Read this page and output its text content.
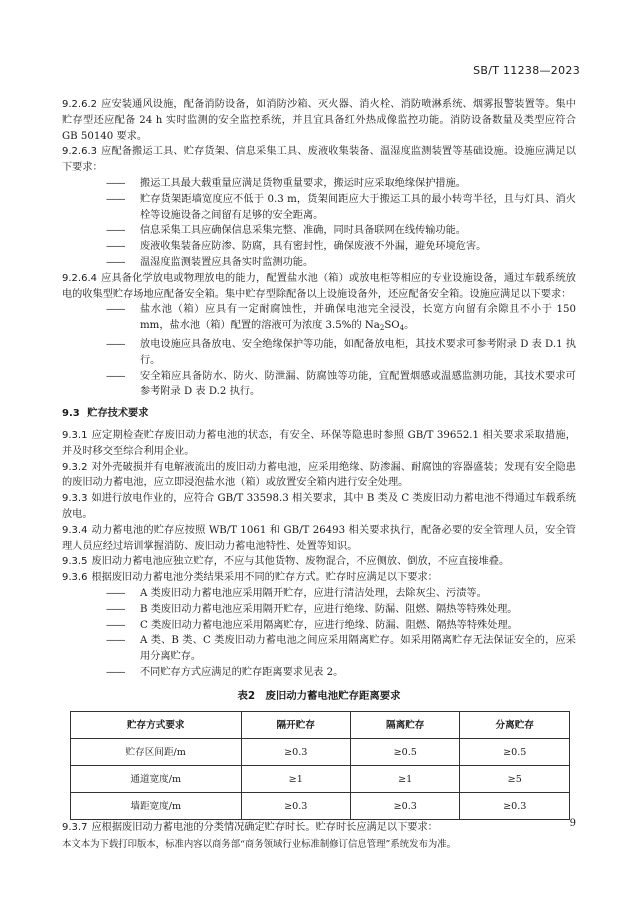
SB/T 11238—2023

9.2.6.2 应安装通风设施，配备消防设备，如消防沙箱、灭火器、消火栓、消防喷淋系统、烟雾报警装置等。集中贮存型还应配备 24 h 实时监测的安全监控系统，并且宜具备红外热成像监控功能。消防设备数量及类型应符合 GB 50140 要求。

9.2.6.3 应配备搬运工具、贮存货架、信息采集工具、废液收集装备、温湿度监测装置等基础设施。设施应满足以下要求：

——	搬运工具最大载重量应满足货物重量要求，搬运时应采取绝缘保护措施。
——	贮存货架距墙宽度应不低于 0.3 m，货架间距应大于搬运工具的最小转弯半径，且与灯具、消火栓等设施设备之间留有足够的安全距离。
——	信息采集工具应确保信息采集完整、准确，同时具备联网在线传输功能。
——	废液收集装备应防渗、防腐，具有密封性，确保废液不外漏，避免环境危害。
——	温湿度监测装置应具备实时监测功能。

9.2.6.4 应具备化学放电或物理放电的能力，配置盐水池（箱）或放电柜等相应的专业设施设备，通过车载系统放电的收集型贮存场地应配备安全箱。集中贮存型除配备以上设施设备外，还应配备安全箱。设施应满足以下要求：

——	盐水池（箱）应具有一定耐腐蚀性，并确保电池完全浸没，长宽方向留有余隙且不小于 150 mm，盐水池（箱）配置的溶液可为浓度 3.5%的 $Na_2SO_4$。
——	放电设施应具备放电、安全绝缘保护等功能，如配备放电柜，其技术要求可参考附录 D 表 D.1 执行。
——	安全箱应具备防水、防火、防泄漏、防腐蚀等功能，宜配置烟感或温感监测功能，其技术要求可参考附录 D 表 D.2 执行。
9.3 贮存技术要求

9.3.1 应定期检查贮存废旧动力蓄电池的状态，有安全、环保等隐患时参照 GB/T 39652.1 相关要求采取措施，并及时移交至综合利用企业。

9.3.2 对外壳破损并有电解液流出的废旧动力蓄电池，应采用绝缘、防渗漏、耐腐蚀的容器盛装；发现有安全隐患的废旧动力蓄电池，应立即浸泡盐水池（箱）或放置安全箱内进行安全处理。

9.3.3 如进行放电作业的，应符合 GB/T 33598.3 相关要求，其中 B 类及 C 类废旧动力蓄电池不得通过车载系统放电。

9.3.4 动力蓄电池的贮存应按照 WB/T 1061 和 GB/T 26493 相关要求执行，配备必要的安全管理人员，安全管理人员应经过培训掌握消防、废旧动力蓄电池特性、处置等知识。

9.3.5 废旧动力蓄电池应独立贮存，不应与其他货物、废物混合，不应侧放、倒放，不应直接堆叠。

9.3.6 根据废旧动力蓄电池分类结果采用不同的贮存方式。贮存时应满足以下要求：

——	A 类废旧动力蓄电池应采用隔开贮存，应进行清洁处理，去除灰尘、污渍等。
——	B 类废旧动力蓄电池应采用隔开贮存，应进行绝缘、防漏、阻燃、隔热等特殊处理。
——	C 类废旧动力蓄电池应采用隔离贮存，应进行绝缘、防漏、阻燃、隔热等特殊处理。
——	A 类、B 类、C 类废旧动力蓄电池之间应采用隔离贮存。如采用隔离贮存无法保证安全的，应采用分离贮存。
——	不同贮存方式应满足的贮存距离要求见表 2。
表2　废旧动力蓄电池贮存距离要求
贮存方式要求	隔开贮存	隔离贮存	分离贮存
贮存区间距/m	≥0.3	≥0.5	≥0.5
通道宽度/m	≥1	≥1	≥5
墙距宽度/m	≥0.3	≥0.3	≥0.3

9.3.7 应根据废旧动力蓄电池的分类情况确定贮存时长。贮存时长应满足以下要求：	9
本文本为下载打印版本，标准内容以商务部“商务领域行业标准制修订信息管理”系统发布为准。
